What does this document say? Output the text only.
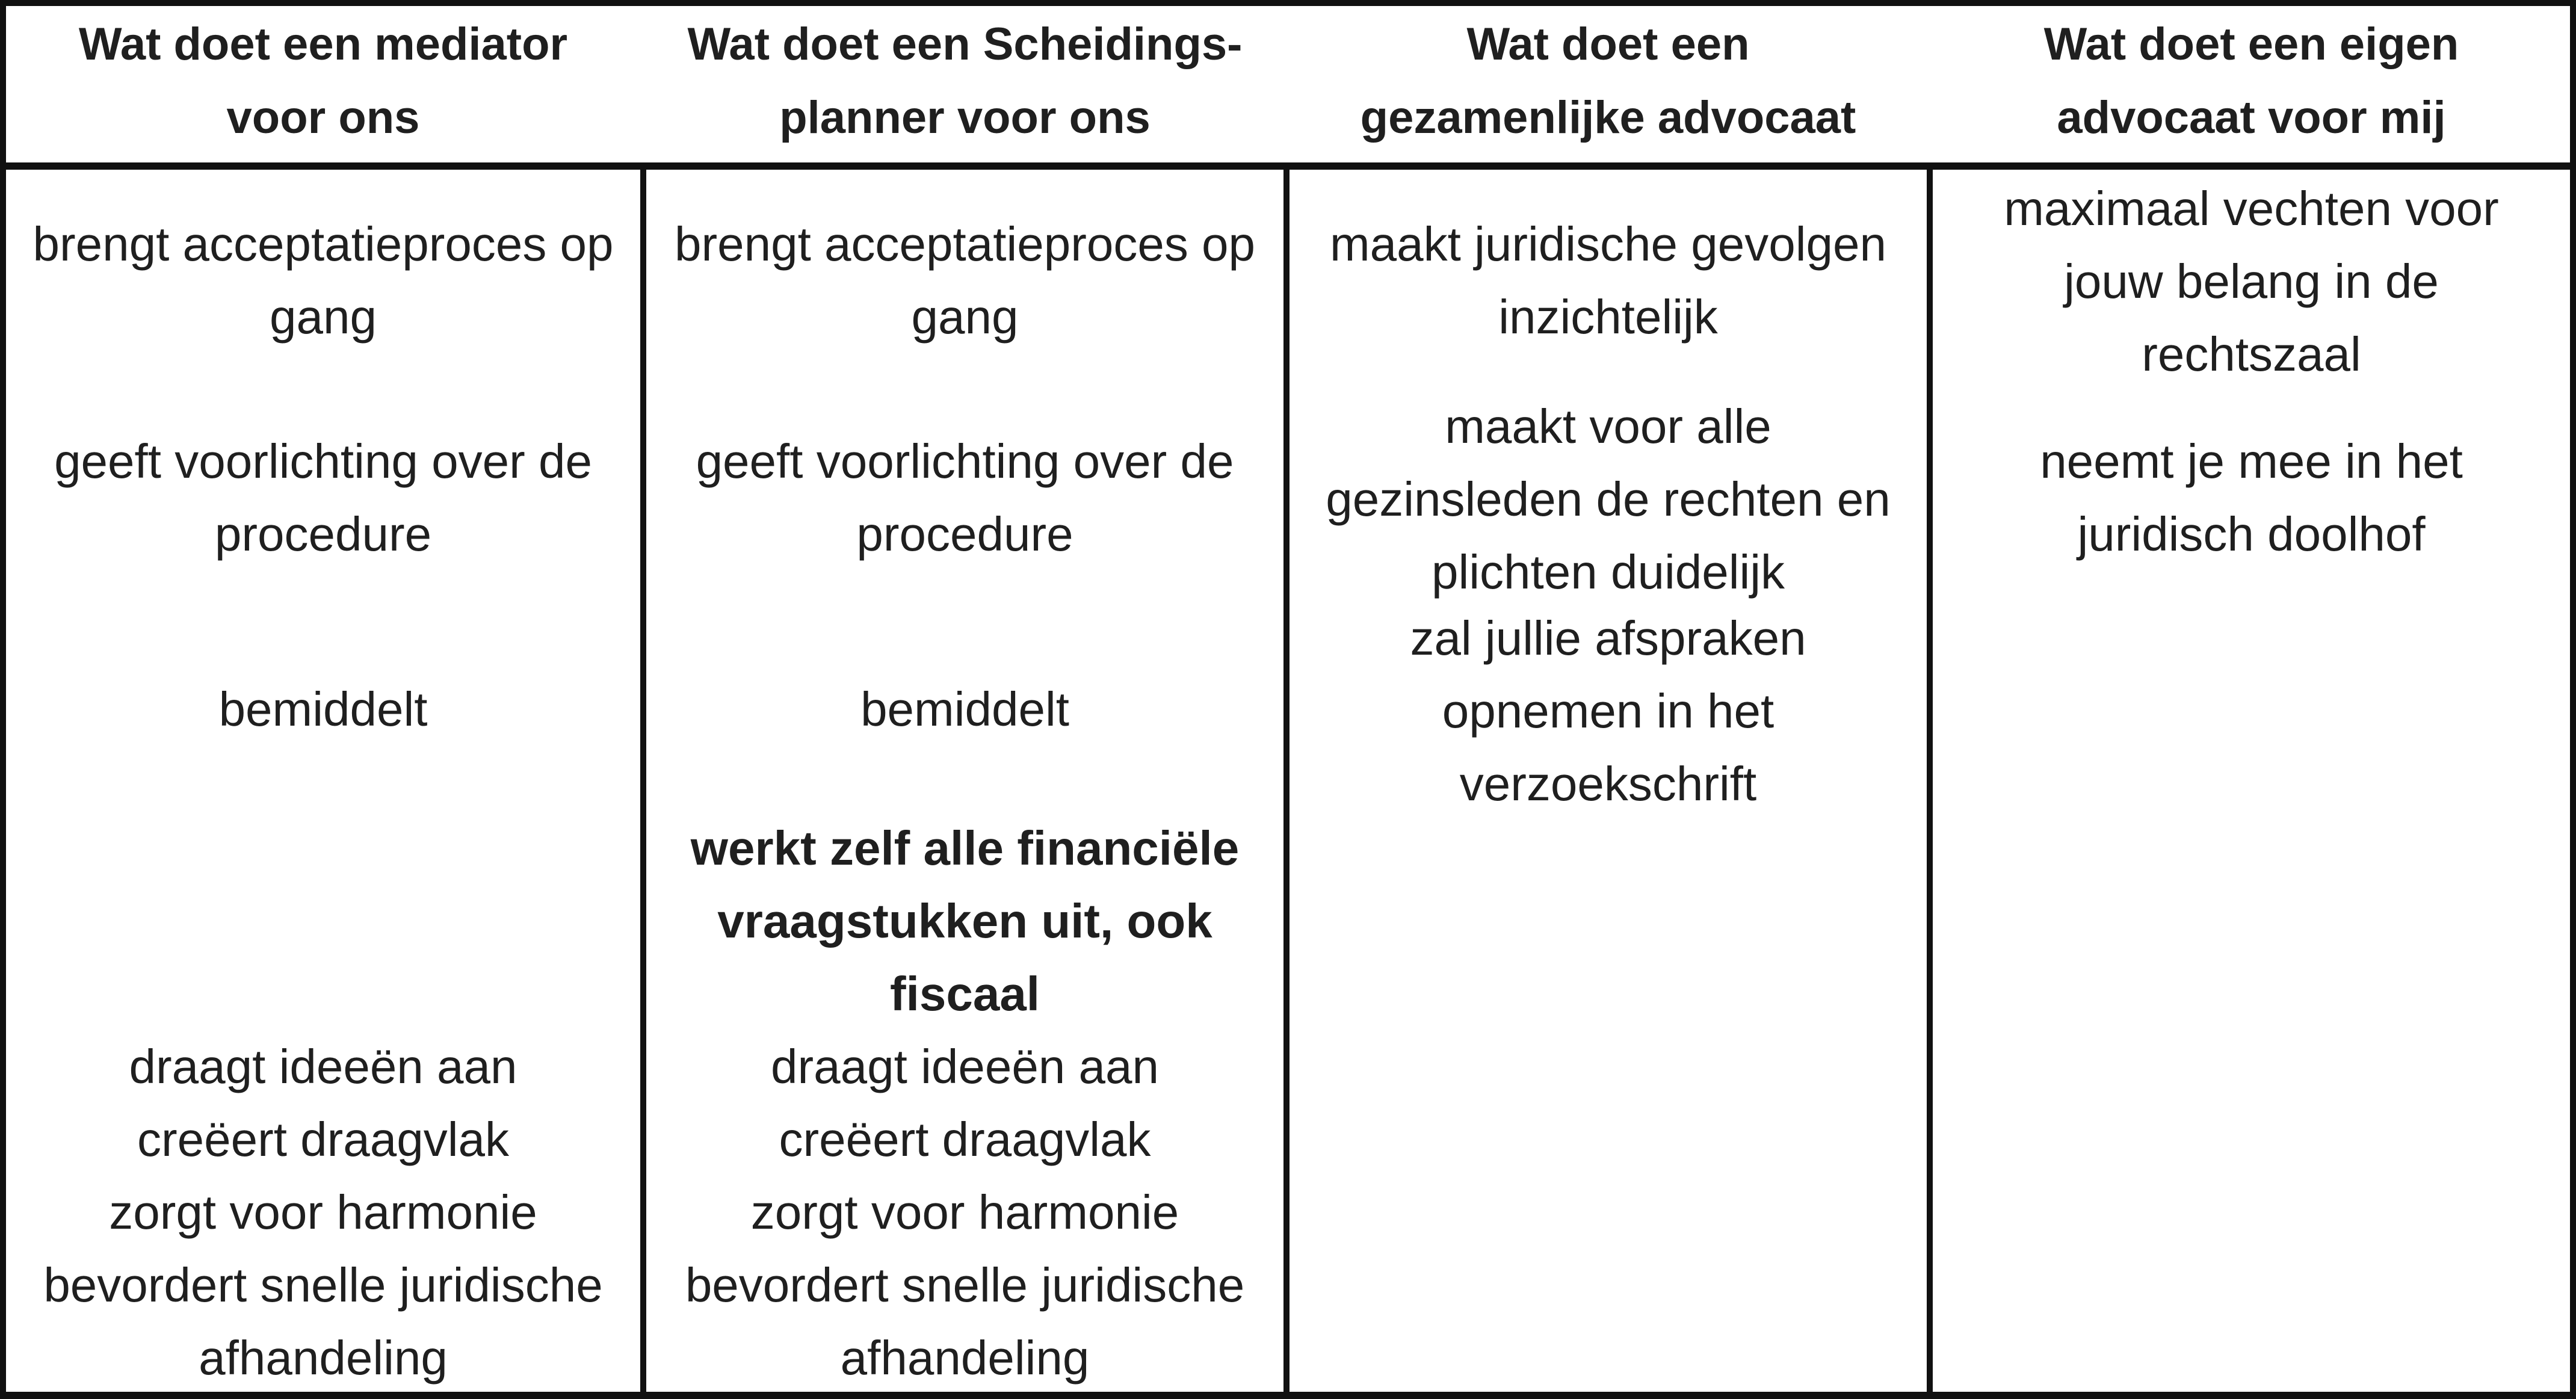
Wat doet een mediator
voor ons
Wat doet een Scheidings-
planner voor ons
Wat doet een
gezamenlijke advocaat
Wat doet een eigen
advocaat voor mij
brengt acceptatieproces op
gang
geeft voorlichting over de
procedure
bemiddelt
draagt ideeën aan
creëert draagvlak
zorgt voor harmonie
bevordert snelle juridische
afhandeling
brengt acceptatieproces op
gang
geeft voorlichting over de
procedure
bemiddelt
werkt zelf alle financiële
vraagstukken uit, ook
fiscaal
draagt ideeën aan
creëert draagvlak
zorgt voor harmonie
bevordert snelle juridische
afhandeling
maakt juridische gevolgen
inzichtelijk
maakt voor alle
gezinsleden de rechten en
plichten duidelijk
zal jullie afspraken
opnemen in het
verzoekschrift
maximaal vechten voor
jouw belang in de
rechtszaal
neemt je mee in het
juridisch doolhof
